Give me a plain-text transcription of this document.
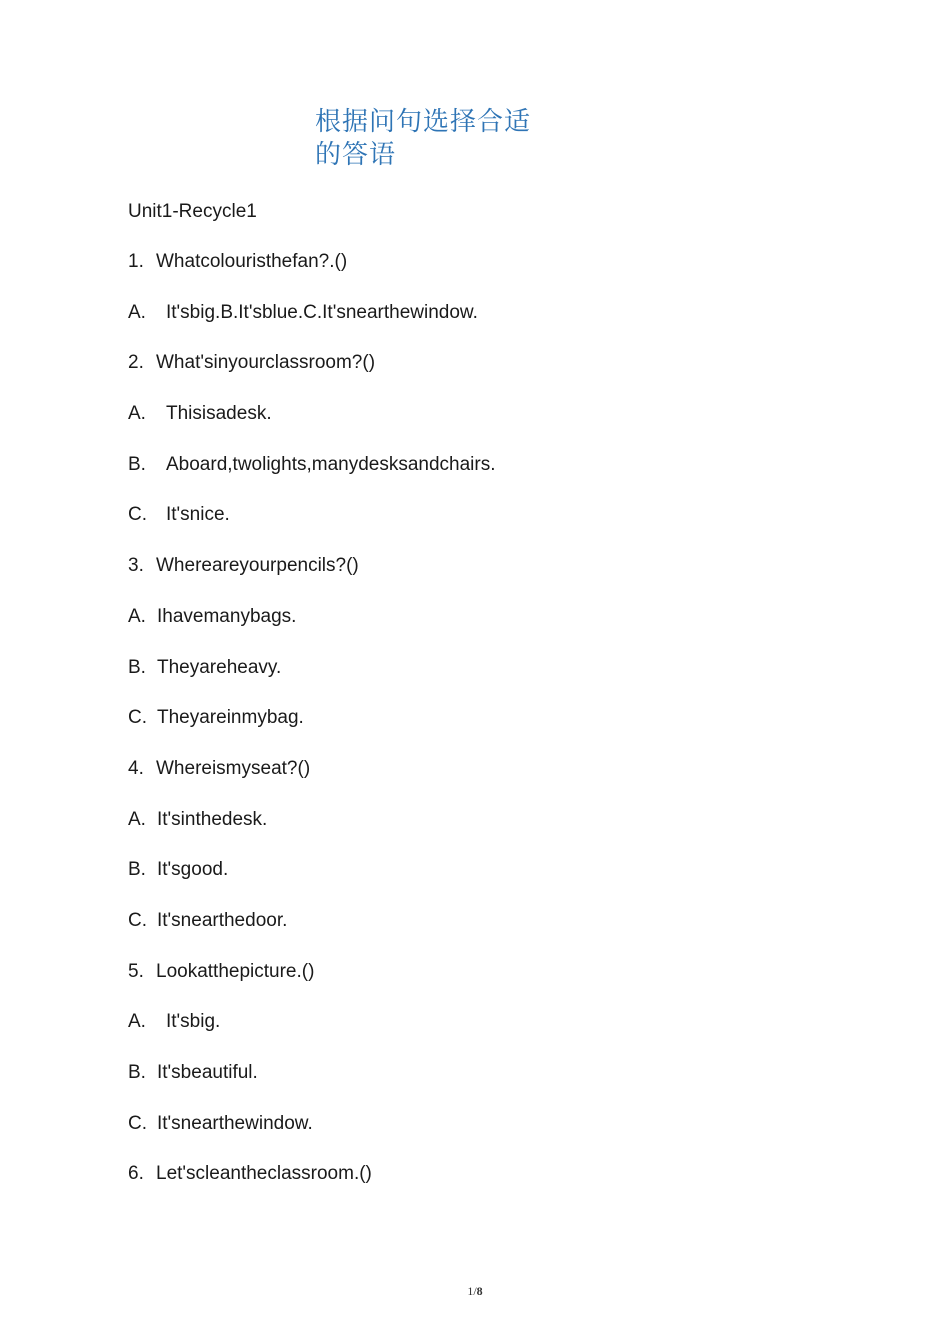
根据问句选择合适的答语
Unit1-Recycle1
1. Whatcolouristhefan?.()
A.	It'sbig.B.It'sblue.C.It'snearthewindow.
2. What'sinyourclassroom?()
A.	Thisisadesk.
B.	Aboard,twolights,manydesksandchairs.
C.	It'snice.
3. Whereareyourpencils?()
A. Ihavemanybags.
B. Theyareheavy.
C. Theyareinmybag.
4. Whereismyseat?()
A. It'sinthedesk.
B. It'sgood.
C. It'snearthedoor.
5. Lookatthepicture.()
A.	It'sbig.
B. It'sbeautiful.
C. It'snearthewindow.
6. Let'scleantheclassroom.()
1/8
